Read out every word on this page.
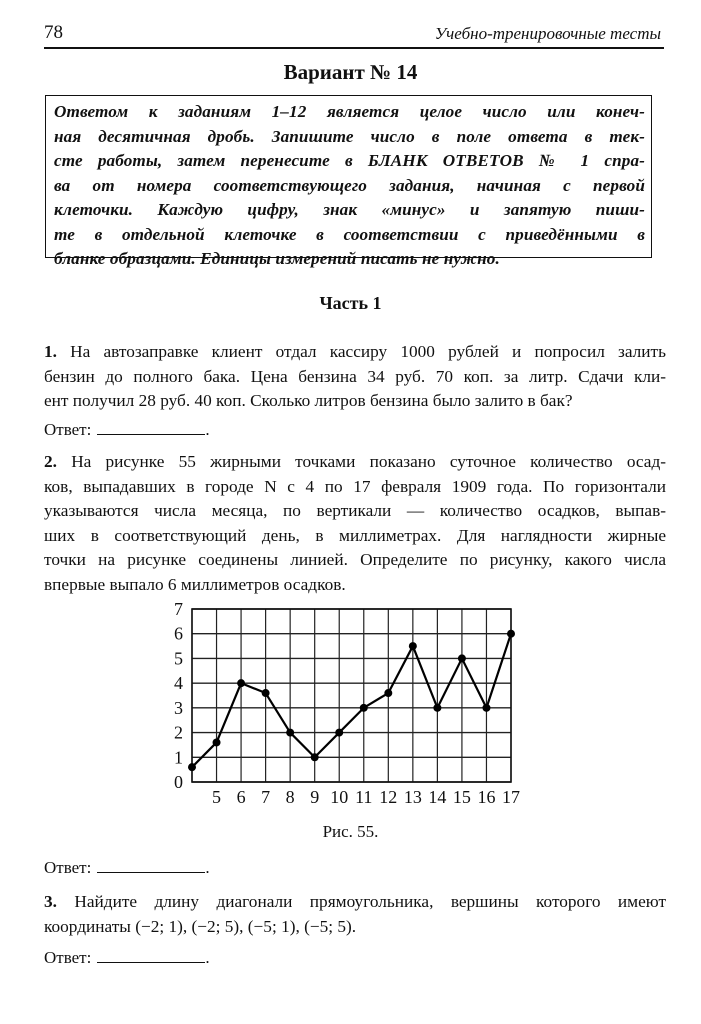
78	Учебно-тренировочные тесты
Вариант № 14
Ответом к заданиям 1–12 является целое число или конеч-
ная десятичная дробь. Запишите число в поле ответа в тек-
сте работы, затем перенесите в БЛАНК ОТВЕТОВ № 1 спра-
ва от номера соответствующего задания, начиная с первой
клеточки. Каждую цифру, знак «минус» и запятую пиши-
те в отдельной клеточке в соответствии с приведёнными в
бланке образцами. Единицы измерений писать не нужно.
Часть 1
1. На автозаправке клиент отдал кассиру 1000 рублей и попросил залить
бензин до полного бака. Цена бензина 34 руб. 70 коп. за литр. Сдачи кли-
ент получил 28 руб. 40 коп. Сколько литров бензина было залито в бак?
Ответ:	.
2. На рисунке 55 жирными точками показано суточное количество осад-
ков, выпадавших в городе N с 4 по 17 февраля 1909 года. По горизонтали
указываются числа месяца, по вертикали — количество осадков, выпав-
ших в соответствующий день, в миллиметрах. Для наглядности жирные
точки на рисунке соединены линией. Определите по рисунку, какого числа
впервые выпало 6 миллиметров осадков.
0
1
2
3
4
5
6
7
5 6 7 8 9 10 11 12 13 14 15 16 17
Рис. 55.
Ответ:	.
3. Найдите длину диагонали прямоугольника, вершины которого имеют
координаты (−2; 1), (−2; 5), (−5; 1), (−5; 5).
Ответ:	.
